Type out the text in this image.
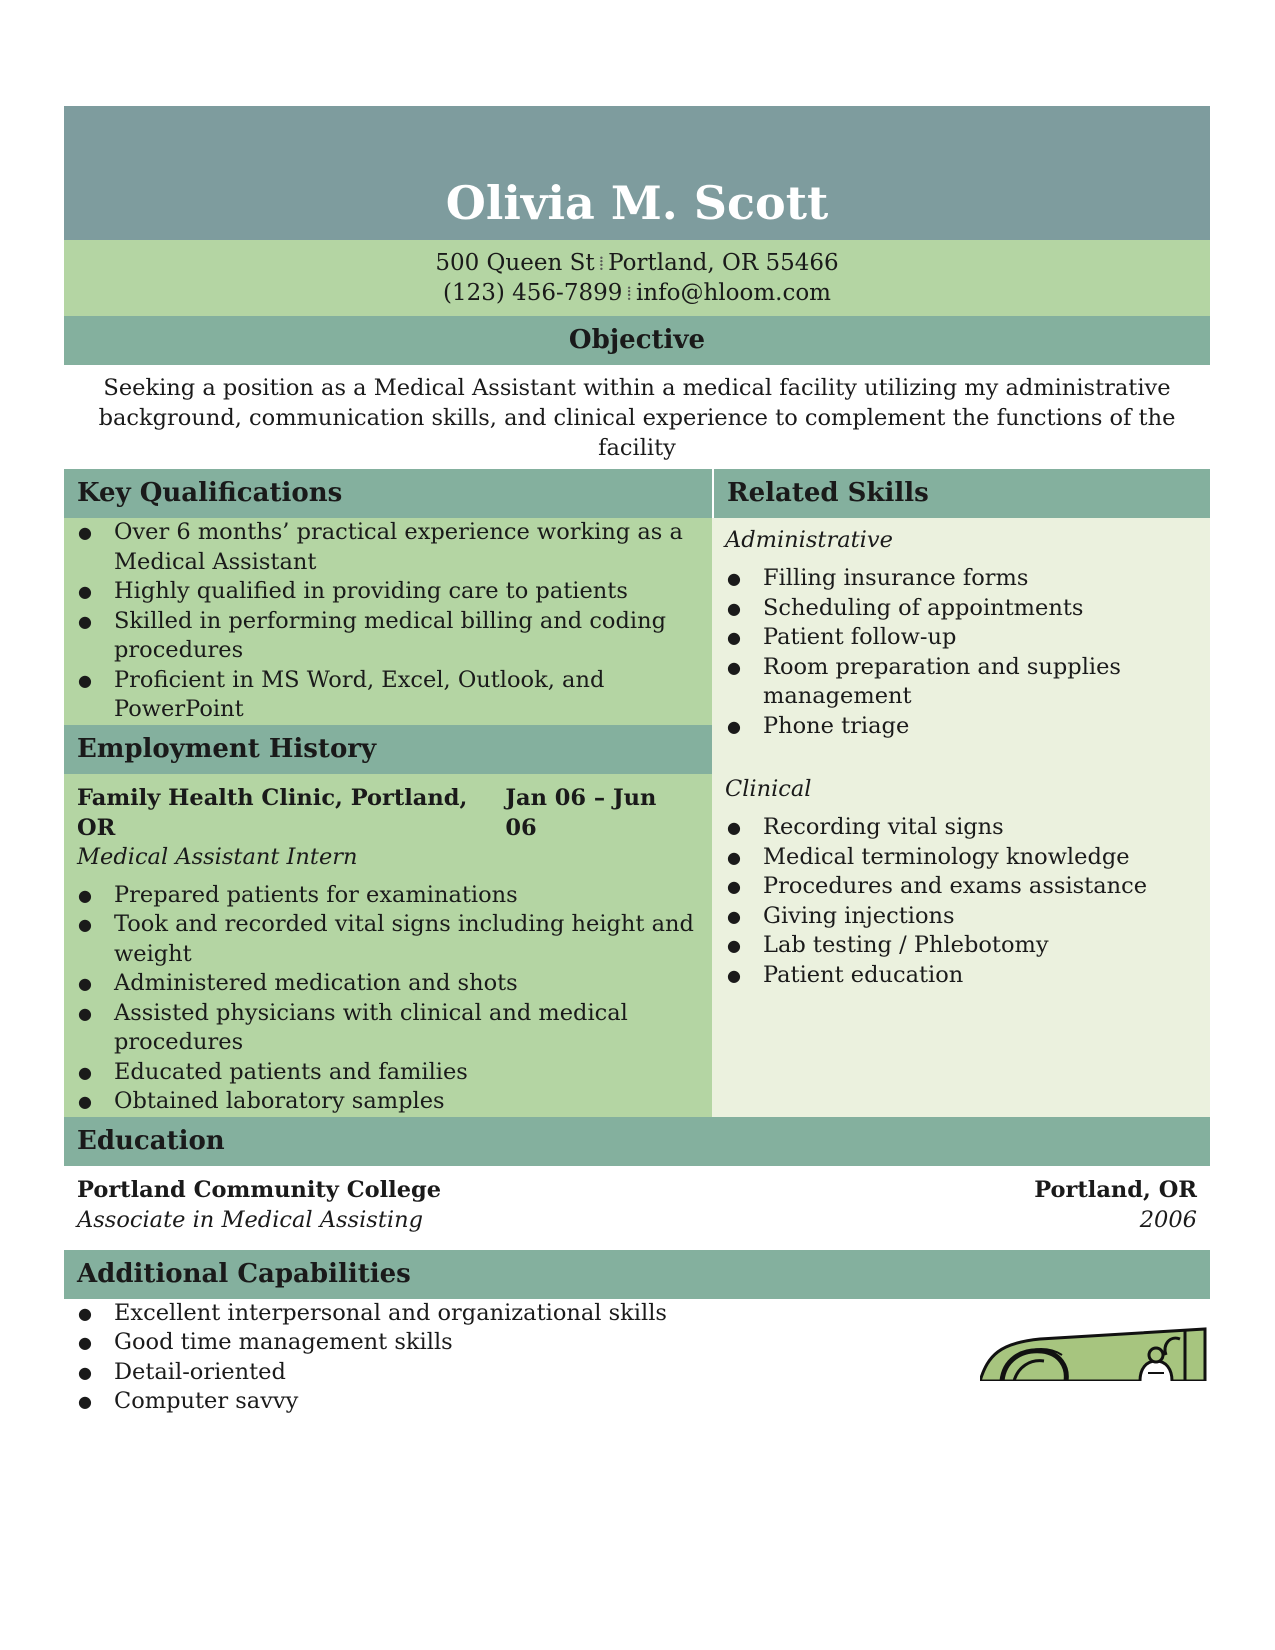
Olivia M. Scott
500 Queen St ⁞ Portland, OR 55466
(123) 456-7899 ⁞ info@hloom.com
Objective
Seeking a position as a Medical Assistant within a medical facility utilizing my administrative background, communication skills, and clinical experience to complement the functions of the facility
Key Qualifications
● Over 6 months’ practical experience working as a Medical Assistant
● Highly qualified in providing care to patients
● Skilled in performing medical billing and coding procedures
● Proficient in MS Word, Excel, Outlook, and PowerPoint
Employment History
Family Health Clinic, Portland, OR
Jan 06 – Jun 06
Medical Assistant Intern
● Prepared patients for examinations
● Took and recorded vital signs including height and weight
● Administered medication and shots
● Assisted physicians with clinical and medical procedures
● Educated patients and families
● Obtained laboratory samples
Related Skills
Administrative
● Filling insurance forms
● Scheduling of appointments
● Patient follow-up
● Room preparation and supplies management
● Phone triage
Clinical
● Recording vital signs
● Medical terminology knowledge
● Procedures and exams assistance
● Giving injections
● Lab testing / Phlebotomy
● Patient education
Education
Portland Community College
Associate in Medical Assisting
Portland, OR
2006
Additional Capabilities
● Excellent interpersonal and organizational skills
● Good time management skills
● Detail-oriented
● Computer savvy
